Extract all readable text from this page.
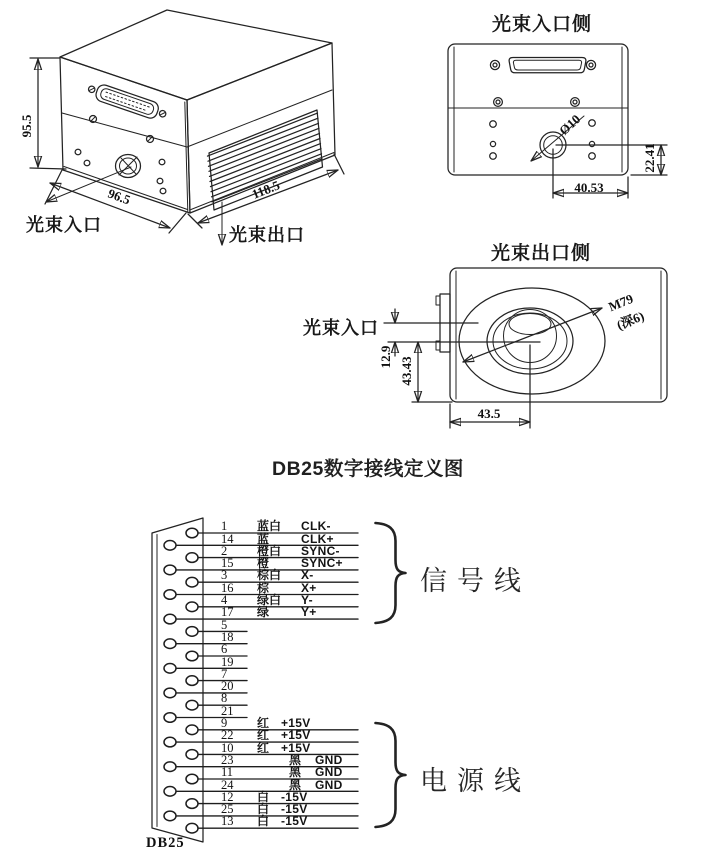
95.5
96.5	118.5
光束入口	光束出口
光束入口侧
Ø10
40.53
22.41
光束出口侧
光束入口
M79
(深6)
12.9 43.43
43.5
DB25数字接线定义图
信号线
电源线
DB25
1 蓝白 CLK-
14 蓝	CLK+
2 橙白 SYNC-
15 橙	SYNC+
3 棕白 X-
16 棕	X+
4 绿白 Y-
17 绿	Y+
5
18
6
19
7
20
8
21
9 红 +15V
22 红 +15V
10 红 +15V
23	黑 GND
11	黑 GND
24	黑 GND
12 白 -15V
25 白 -15V
13 白 -15V
